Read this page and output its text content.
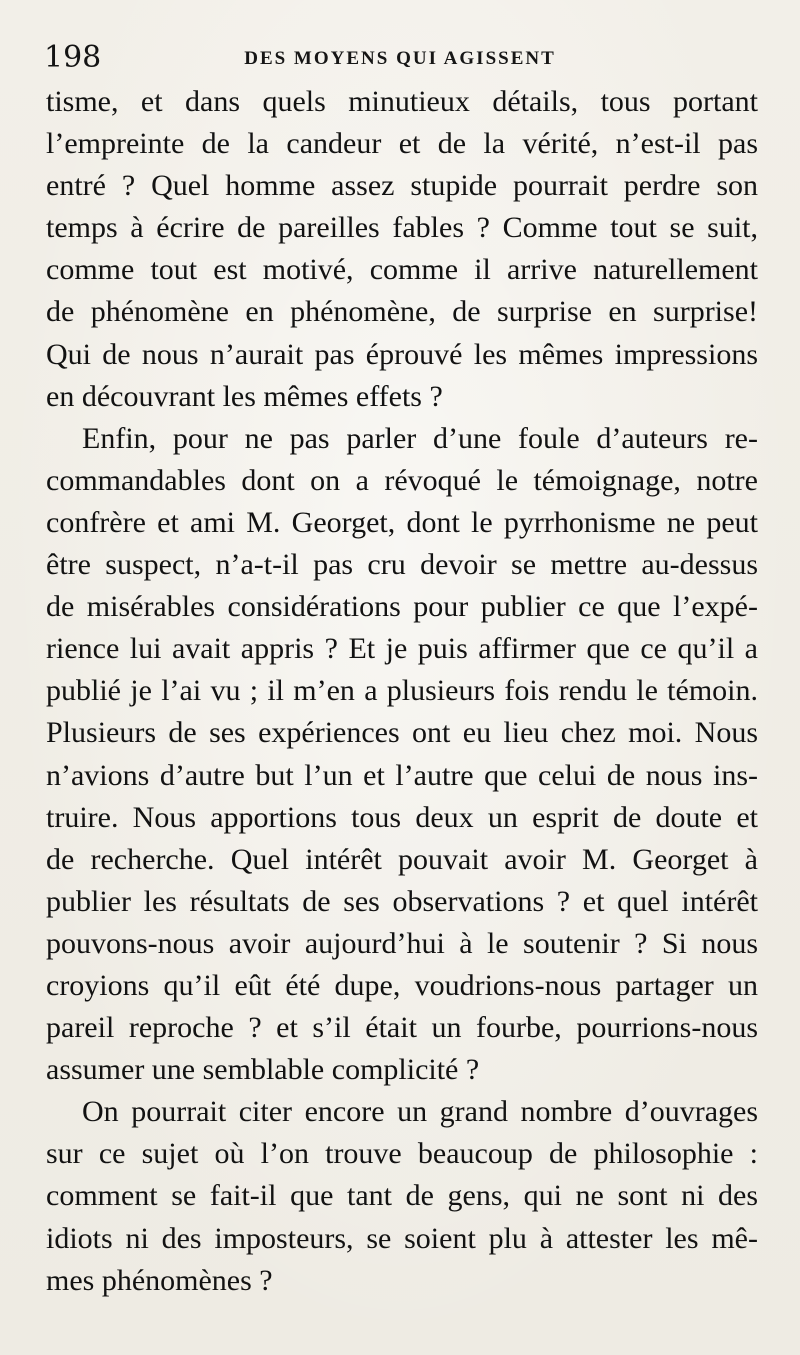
198	DES MOYENS QUI AGISSENT
tisme, et dans quels minutieux détails, tous portant
l’empreinte de la candeur et de la vérité, n’est-il pas
entré ? Quel homme assez stupide pourrait perdre son
temps à écrire de pareilles fables ? Comme tout se suit,
comme tout est motivé, comme il arrive naturellement
de phénomène en phénomène, de surprise en surprise!
Qui de nous n’aurait pas éprouvé les mêmes impressions
en découvrant les mêmes effets ?
Enfin, pour ne pas parler d’une foule d’auteurs re-
commandables dont on a révoqué le témoignage, notre
confrère et ami M. Georget, dont le pyrrhonisme ne peut
être suspect, n’a-t-il pas cru devoir se mettre au-dessus
de misérables considérations pour publier ce que l’expé-
rience lui avait appris ? Et je puis affirmer que ce qu’il a
publié je l’ai vu ; il m’en a plusieurs fois rendu le témoin.
Plusieurs de ses expériences ont eu lieu chez moi. Nous
n’avions d’autre but l’un et l’autre que celui de nous ins-
truire. Nous apportions tous deux un esprit de doute et
de recherche. Quel intérêt pouvait avoir M. Georget à
publier les résultats de ses observations ? et quel intérêt
pouvons-nous avoir aujourd’hui à le soutenir ? Si nous
croyions qu’il eût été dupe, voudrions-nous partager un
pareil reproche ? et s’il était un fourbe, pourrions-nous
assumer une semblable complicité ?
On pourrait citer encore un grand nombre d’ouvrages
sur ce sujet où l’on trouve beaucoup de philosophie :
comment se fait-il que tant de gens, qui ne sont ni des
idiots ni des imposteurs, se soient plu à attester les mê-
mes phénomènes ?
